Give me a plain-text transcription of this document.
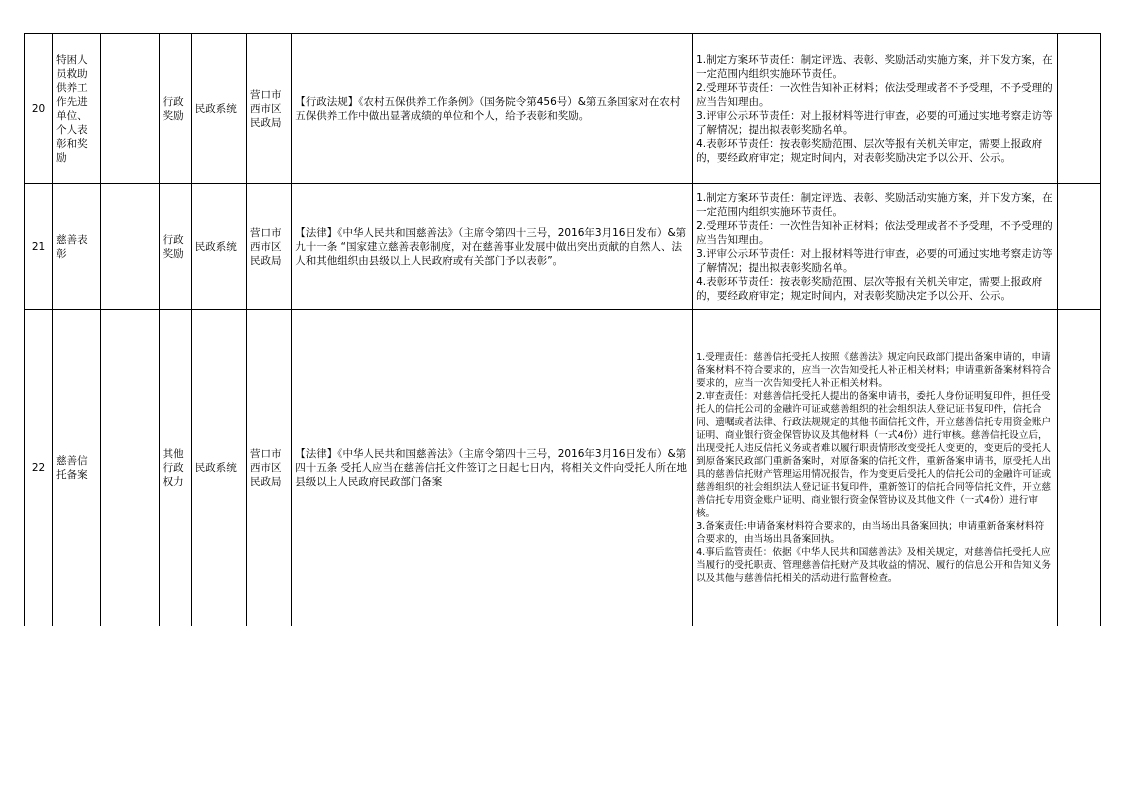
20	特困人员救助供养工作先进单位、个人表彰和奖励		行政奖励	民政系统	营口市西市区民政局	【行政法规】《农村五保供养工作条例》（国务院令第456号）&第五条国家对在农村五保供养工作中做出显著成绩的单位和个人，给予表彰和奖励。	1.制定方案环节责任：制定评选、表彰、奖励活动实施方案，并下发方案，在一定范围内组织实施环节责任。
2.受理环节责任：一次性告知补正材料；依法受理或者不予受理，不予受理的应当告知理由。
3.评审公示环节责任：对上报材料等进行审查，必要的可通过实地考察走访等了解情况；提出拟表彰奖励名单。
4.表彰环节责任：按表彰奖励范围、层次等报有关机关审定，需要上报政府的，要经政府审定；规定时间内，对表彰奖励决定予以公开、公示。	

21	慈善表彰		行政奖励	民政系统	营口市西市区民政局	【法律】《中华人民共和国慈善法》（主席令第四十三号，2016年3月16日发布）&第九十一条 “国家建立慈善表彰制度，对在慈善事业发展中做出突出贡献的自然人、法人和其他组织由县级以上人民政府或有关部门予以表彰”。	1.制定方案环节责任：制定评选、表彰、奖励活动实施方案，并下发方案，在一定范围内组织实施环节责任。
2.受理环节责任：一次性告知补正材料；依法受理或者不予受理，不予受理的应当告知理由。
3.评审公示环节责任：对上报材料等进行审查，必要的可通过实地考察走访等了解情况；提出拟表彰奖励名单。
4.表彰环节责任：按表彰奖励范围、层次等报有关机关审定，需要上报政府的，要经政府审定；规定时间内，对表彰奖励决定予以公开、公示。	

22	慈善信托备案		其他行政权力	民政系统	营口市西市区民政局	【法律】《中华人民共和国慈善法》（主席令第四十三号，2016年3月16日发布）&第四十五条 受托人应当在慈善信托文件签订之日起七日内，将相关文件向受托人所在地县级以上人民政府民政部门备案	1.受理责任：慈善信托受托人按照《慈善法》规定向民政部门提出备案申请的，申请备案材料不符合要求的，应当一次告知受托人补正相关材料；申请重新备案材料符合要求的，应当一次告知受托人补正相关材料。
2.审查责任：对慈善信托受托人提出的备案申请书，委托人身份证明复印件，担任受托人的信托公司的金融许可证或慈善组织的社会组织法人登记证书复印件，信托合同、遗嘱或者法律、行政法规规定的其他书面信托文件，开立慈善信托专用资金账户证明、商业银行资金保管协议及其他材料（一式4份）进行审核。慈善信托设立后，出现受托人违反信托义务或者难以履行职责情形改变受托人变更的，变更后的受托人到原备案民政部门重新备案时，对原备案的信托文件，重新备案申请书，原受托人出具的慈善信托财产管理运用情况报告，作为变更后受托人的信托公司的金融许可证或慈善组织的社会组织法人登记证书复印件，重新签订的信托合同等信托文件，开立慈善信托专用资金账户证明、商业银行资金保管协议及其他文件（一式4份）进行审核。
3.备案责任:申请备案材料符合要求的，由当场出具备案回执；申请重新备案材料符合要求的，由当场出具备案回执。
4.事后监管责任：依据《中华人民共和国慈善法》及相关规定，对慈善信托受托人应当履行的受托职责、管理慈善信托财产及其收益的情况、履行的信息公开和告知义务以及其他与慈善信托相关的活动进行监督检查。	
